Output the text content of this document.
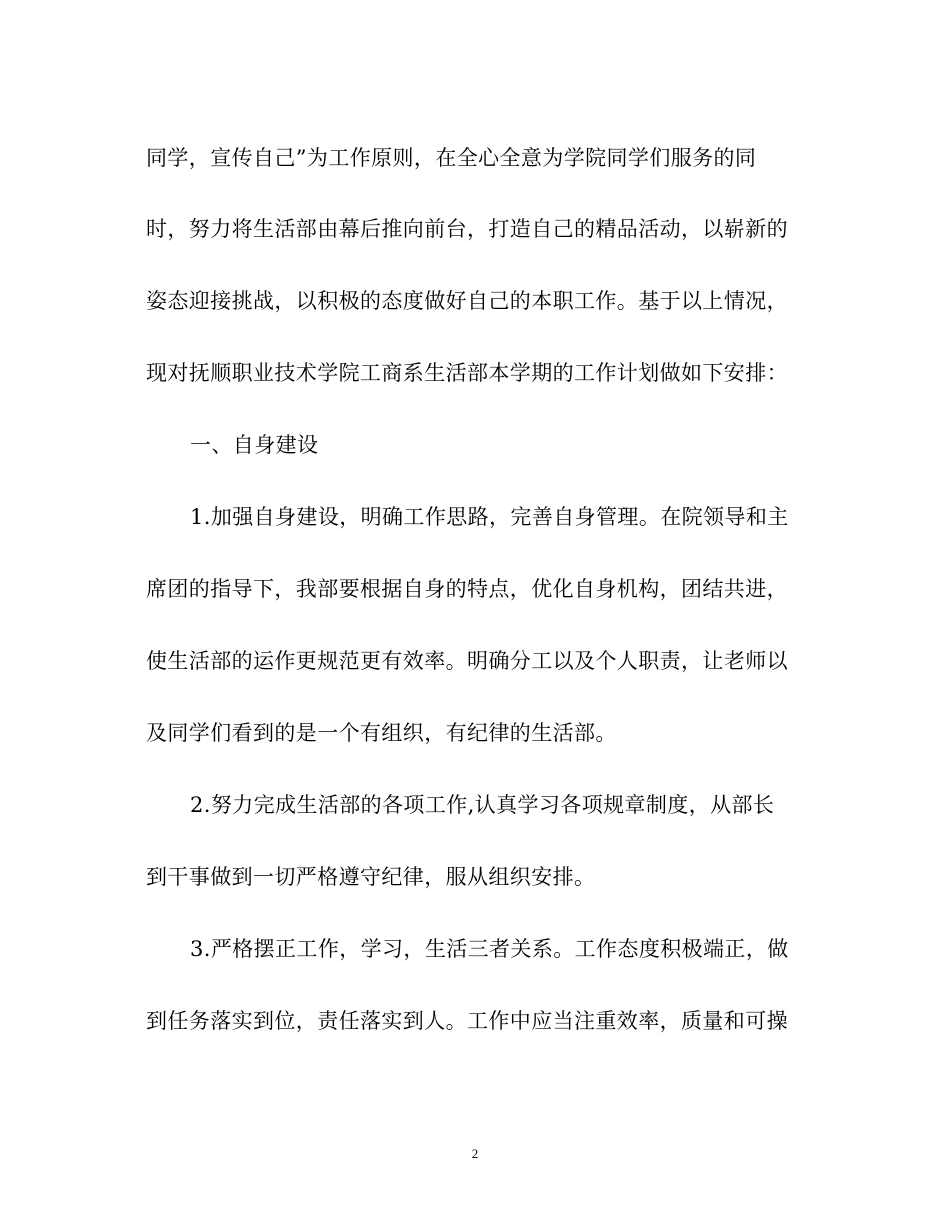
同学，宣传自己”为工作原则，在全心全意为学院同学们服务的同
时，努力将生活部由幕后推向前台，打造自己的精品活动，以崭新的
姿态迎接挑战，以积极的态度做好自己的本职工作。基于以上情况，
现对抚顺职业技术学院工商系生活部本学期的工作计划做如下安排：
一、自身建设
1.加强自身建设，明确工作思路，完善自身管理。在院领导和主
席团的指导下，我部要根据自身的特点，优化自身机构，团结共进，
使生活部的运作更规范更有效率。明确分工以及个人职责，让老师以
及同学们看到的是一个有组织，有纪律的生活部。
2.努力完成生活部的各项工作,认真学习各项规章制度，从部长
到干事做到一切严格遵守纪律，服从组织安排。
3.严格摆正工作，学习，生活三者关系。工作态度积极端正，做
到任务落实到位，责任落实到人。工作中应当注重效率，质量和可操
2
